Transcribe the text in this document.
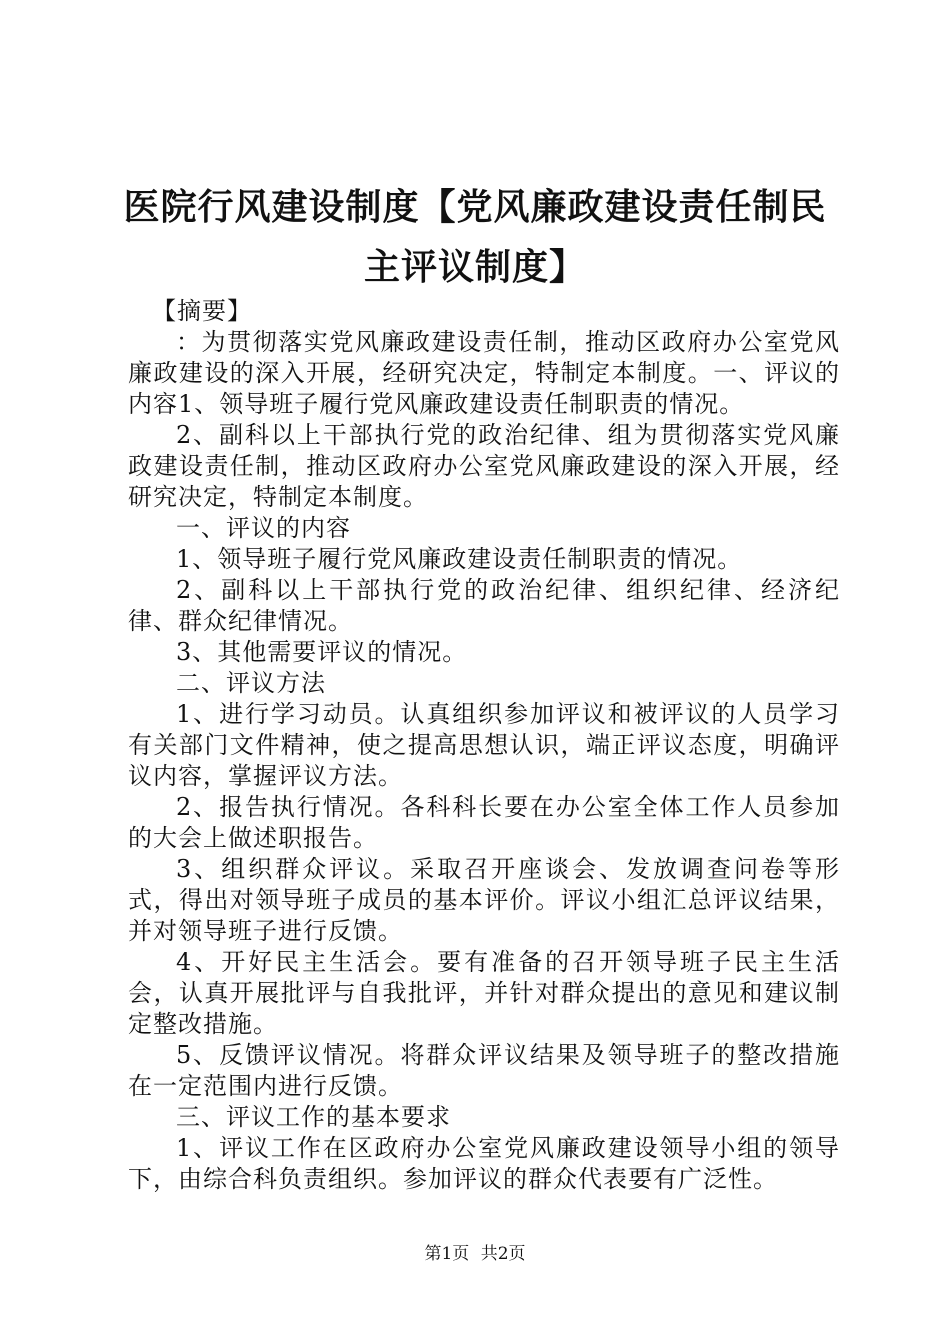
医院行风建设制度【党风廉政建设责任制民主评议制度】

【摘要】

：为贯彻落实党风廉政建设责任制，推动区政府办公室党风廉政建设的深入开展，经研究决定，特制定本制度。一、评议的内容1、领导班子履行党风廉政建设责任制职责的情况。

2、副科以上干部执行党的政治纪律、组为贯彻落实党风廉政建设责任制，推动区政府办公室党风廉政建设的深入开展，经研究决定，特制定本制度。

一、评议的内容

1、领导班子履行党风廉政建设责任制职责的情况。

2、副科以上干部执行党的政治纪律、组织纪律、经济纪律、群众纪律情况。

3、其他需要评议的情况。

二、评议方法

1、进行学习动员。认真组织参加评议和被评议的人员学习有关部门文件精神，使之提高思想认识，端正评议态度，明确评议内容，掌握评议方法。

2、报告执行情况。各科科长要在办公室全体工作人员参加的大会上做述职报告。

3、组织群众评议。采取召开座谈会、发放调查问卷等形式，得出对领导班子成员的基本评价。评议小组汇总评议结果，并对领导班子进行反馈。

4、开好民主生活会。要有准备的召开领导班子民主生活会，认真开展批评与自我批评，并针对群众提出的意见和建议制定整改措施。

5、反馈评议情况。将群众评议结果及领导班子的整改措施在一定范围内进行反馈。

三、评议工作的基本要求

1、评议工作在区政府办公室党风廉政建设领导小组的领导下，由综合科负责组织。参加评议的群众代表要有广泛性。

第1页 共2页
